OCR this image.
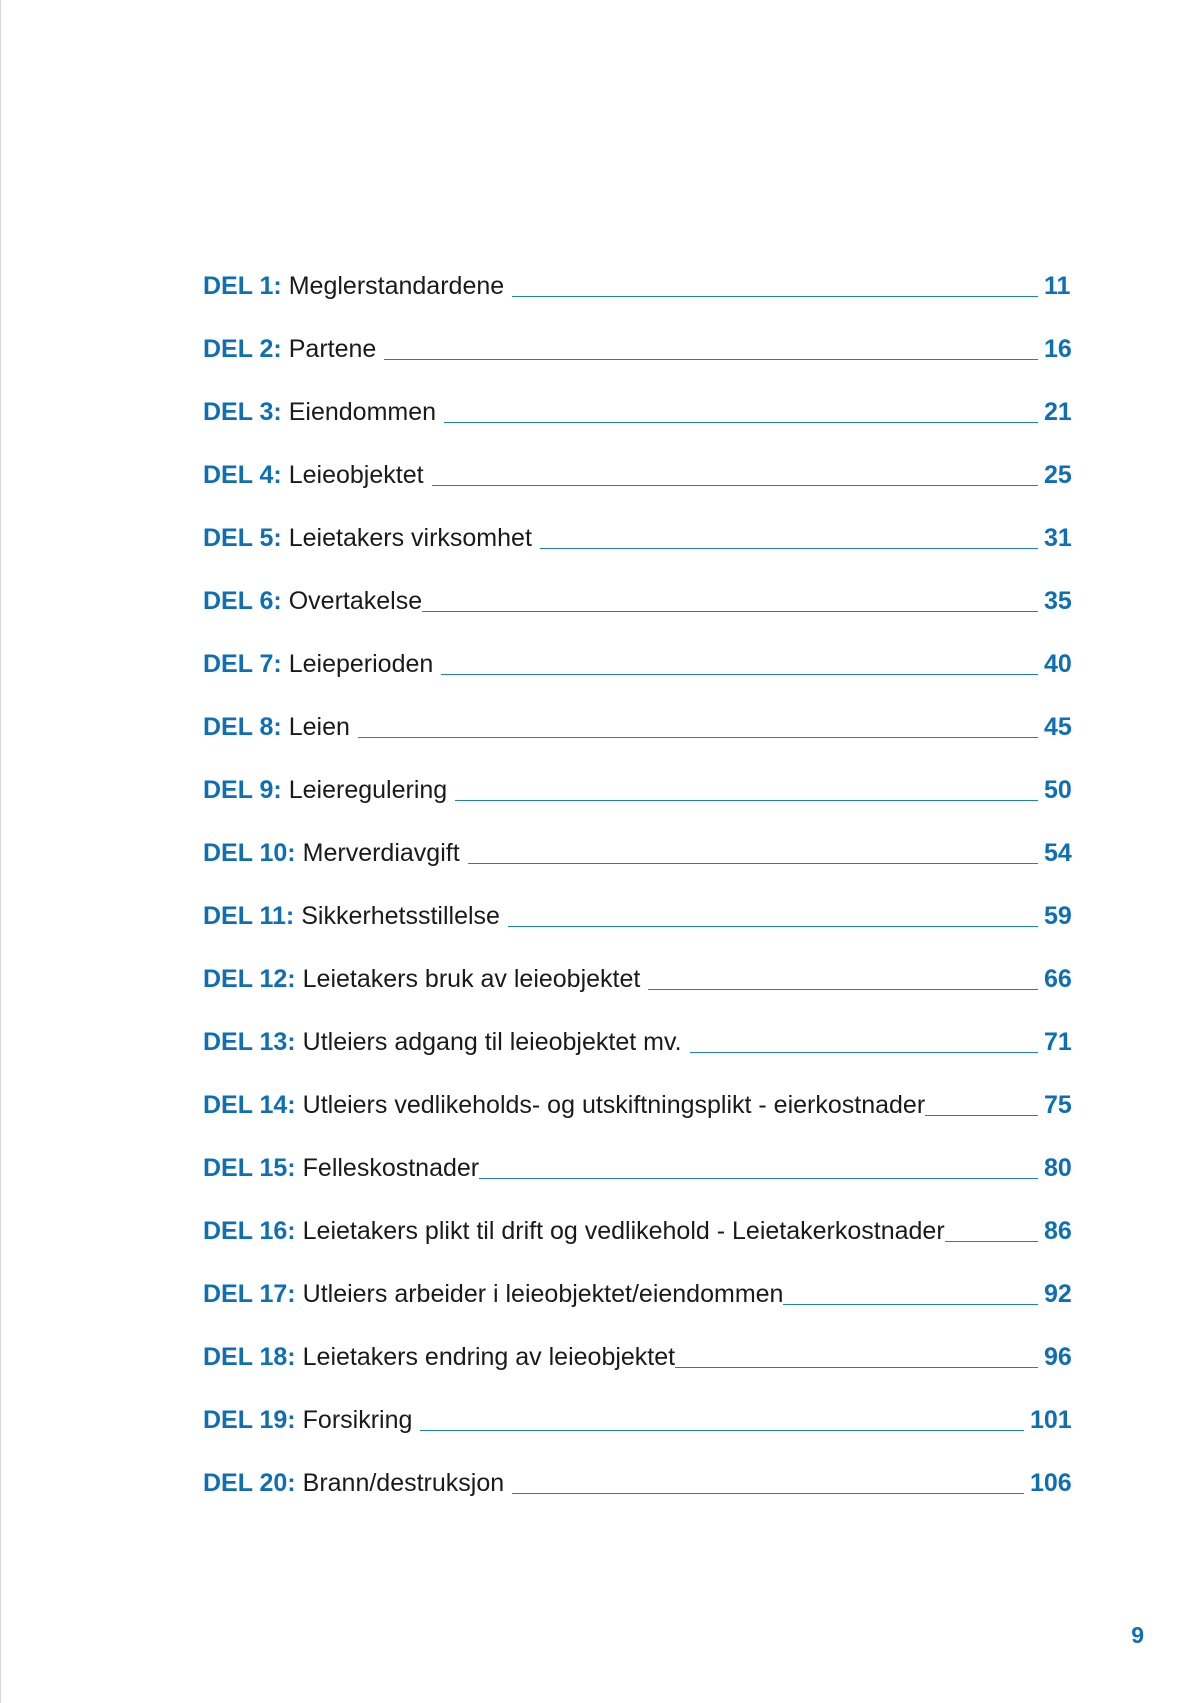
DEL 1: Meglerstandardene	11
DEL 2: Partene	16
DEL 3: Eiendommen	21
DEL 4: Leieobjektet	25
DEL 5: Leietakers virksomhet	31
DEL 6: Overtakelse	35
DEL 7: Leieperioden	40
DEL 8: Leien	45
DEL 9: Leieregulering	50
DEL 10: Merverdiavgift	54
DEL 11: Sikkerhetsstillelse	59
DEL 12: Leietakers bruk av leieobjektet	66
DEL 13: Utleiers adgang til leieobjektet mv.	71
DEL 14: Utleiers vedlikeholds- og utskiftningsplikt - eierkostnader	75
DEL 15: Felleskostnader	80
DEL 16: Leietakers plikt til drift og vedlikehold - Leietakerkostnader	86
DEL 17: Utleiers arbeider i leieobjektet/eiendommen	92
DEL 18: Leietakers endring av leieobjektet	96
DEL 19: Forsikring	101
DEL 20: Brann/destruksjon	106
9
